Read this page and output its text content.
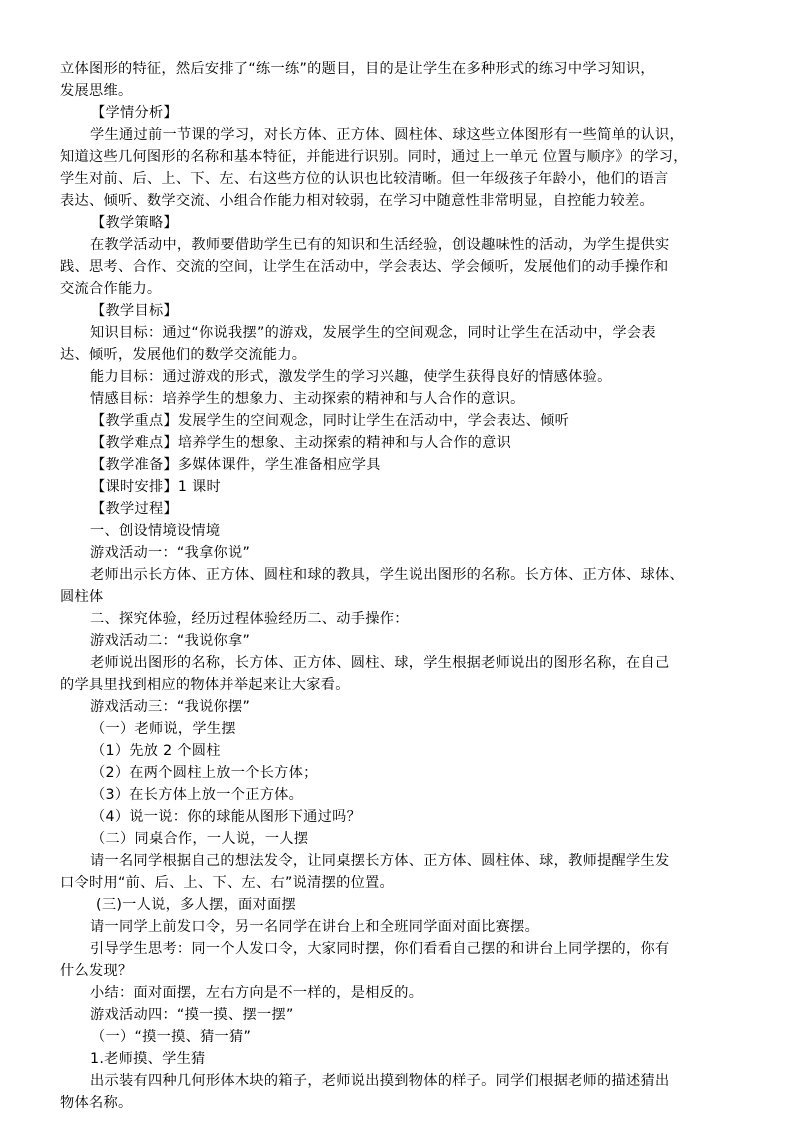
立体图形的特征，然后安排了“练一练”的题目，目的是让学生在多种形式的练习中学习知识，
发展思维。
【学情分析】
学生通过前一节课的学习，对长方体、正方体、圆柱体、球这些立体图形有一些简单的认识，
知道这些几何图形的名称和基本特征，并能进行识别。同时，通过上一单元 位置与顺序》的学习，
学生对前、后、上、下、左、右这些方位的认识也比较清晰。但一年级孩子年龄小，他们的语言
表达、倾听、数学交流、小组合作能力相对较弱，在学习中随意性非常明显，自控能力较差。
【教学策略】
在教学活动中，教师要借助学生已有的知识和生活经验，创设趣味性的活动，为学生提供实
践、思考、合作、交流的空间，让学生在活动中，学会表达、学会倾听，发展他们的动手操作和
交流合作能力。
【教学目标】
知识目标：通过“你说我摆”的游戏，发展学生的空间观念，同时让学生在活动中，学会表
达、倾听，发展他们的数学交流能力。
能力目标：通过游戏的形式，激发学生的学习兴趣，使学生获得良好的情感体验。
情感目标：培养学生的想象力、主动探索的精神和与人合作的意识。
【教学重点】发展学生的空间观念，同时让学生在活动中，学会表达、倾听
【教学难点】培养学生的想象、主动探索的精神和与人合作的意识
【教学准备】多媒体课件，学生准备相应学具
【课时安排】1 课时
【教学过程】
一、创设情境设情境
游戏活动一：“我拿你说”
老师出示长方体、正方体、圆柱和球的教具，学生说出图形的名称。长方体、正方体、球体、
圆柱体
二、探究体验，经历过程体验经历二、动手操作：
游戏活动二：“我说你拿”
老师说出图形的名称，长方体、正方体、圆柱、球，学生根据老师说出的图形名称，在自己
的学具里找到相应的物体并举起来让大家看。
游戏活动三：“我说你摆”
（一）老师说，学生摆
（1）先放 2 个圆柱
（2）在两个圆柱上放一个长方体；
（3）在长方体上放一个正方体。
（4）说一说：你的球能从图形下通过吗？
（二）同桌合作，一人说，一人摆
请一名同学根据自己的想法发令，让同桌摆长方体、正方体、圆柱体、球，教师提醒学生发
口令时用“前、后、上、下、左、右”说清摆的位置。
(三)一人说，多人摆，面对面摆
请一同学上前发口令，另一名同学在讲台上和全班同学面对面比赛摆。
引导学生思考：同一个人发口令，大家同时摆，你们看看自己摆的和讲台上同学摆的，你有
什么发现？
小结：面对面摆，左右方向是不一样的，是相反的。
游戏活动四：“摸一摸、摆一摆”
（一）“摸一摸、猜一猜”
1.老师摸、学生猜
出示装有四种几何形体木块的箱子，老师说出摸到物体的样子。同学们根据老师的描述猜出
物体名称。
